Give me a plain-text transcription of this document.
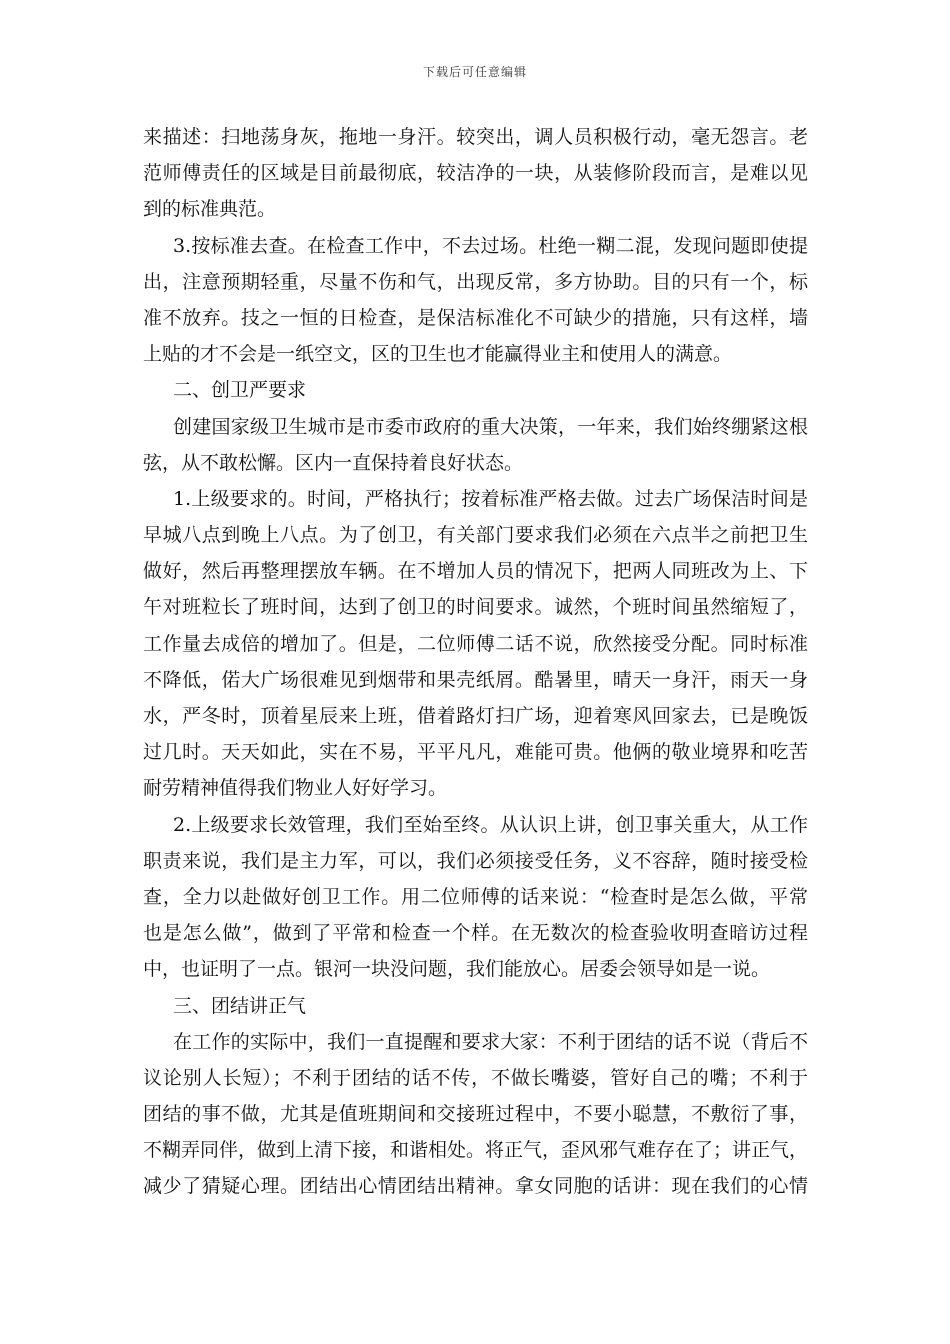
下载后可任意编辑
来描述：扫地荡身灰，拖地一身汗。较突出，调人员积极行动，毫无怨言。老
范师傅责任的区域是目前最彻底，较洁净的一块，从装修阶段而言，是难以见
到的标准典范。
3.按标准去查。在检查工作中，不去过场。杜绝一糊二混，发现问题即使提
出，注意预期轻重，尽量不伤和气，出现反常，多方协助。目的只有一个，标
准不放弃。技之一恒的日检查，是保洁标准化不可缺少的措施，只有这样，墙
上贴的才不会是一纸空文，区的卫生也才能赢得业主和使用人的满意。
二、创卫严要求
创建国家级卫生城市是市委市政府的重大决策，一年来，我们始终绷紧这根
弦，从不敢松懈。区内一直保持着良好状态。
1.上级要求的。时间，严格执行；按着标准严格去做。过去广场保洁时间是
早城八点到晚上八点。为了创卫，有关部门要求我们必须在六点半之前把卫生
做好，然后再整理摆放车辆。在不增加人员的情况下，把两人同班改为上、下
午对班粒长了班时间，达到了创卫的时间要求。诚然，个班时间虽然缩短了，
工作量去成倍的增加了。但是，二位师傅二话不说，欣然接受分配。同时标准
不降低，偌大广场很难见到烟带和果壳纸屑。酷暑里，晴天一身汗，雨天一身
水，严冬时，顶着星辰来上班，借着路灯扫广场，迎着寒风回家去，已是晚饭
过几时。天天如此，实在不易，平平凡凡，难能可贵。他俩的敬业境界和吃苦
耐劳精神值得我们物业人好好学习。
2.上级要求长效管理，我们至始至终。从认识上讲，创卫事关重大，从工作
职责来说，我们是主力军，可以，我们必须接受任务，义不容辞，随时接受检
查，全力以赴做好创卫工作。用二位师傅的话来说：“检查时是怎么做，平常
也是怎么做”，做到了平常和检查一个样。在无数次的检查验收明查暗访过程
中，也证明了一点。银河一块没问题，我们能放心。居委会领导如是一说。
三、团结讲正气
在工作的实际中，我们一直提醒和要求大家：不利于团结的话不说（背后不
议论别人长短）；不利于团结的话不传，不做长嘴婆，管好自己的嘴；不利于
团结的事不做，尤其是值班期间和交接班过程中，不要小聪慧，不敷衍了事，
不糊弄同伴，做到上清下接，和谐相处。将正气，歪风邪气难存在了；讲正气，
减少了猜疑心理。团结出心情团结出精神。拿女同胞的话讲：现在我们的心情
